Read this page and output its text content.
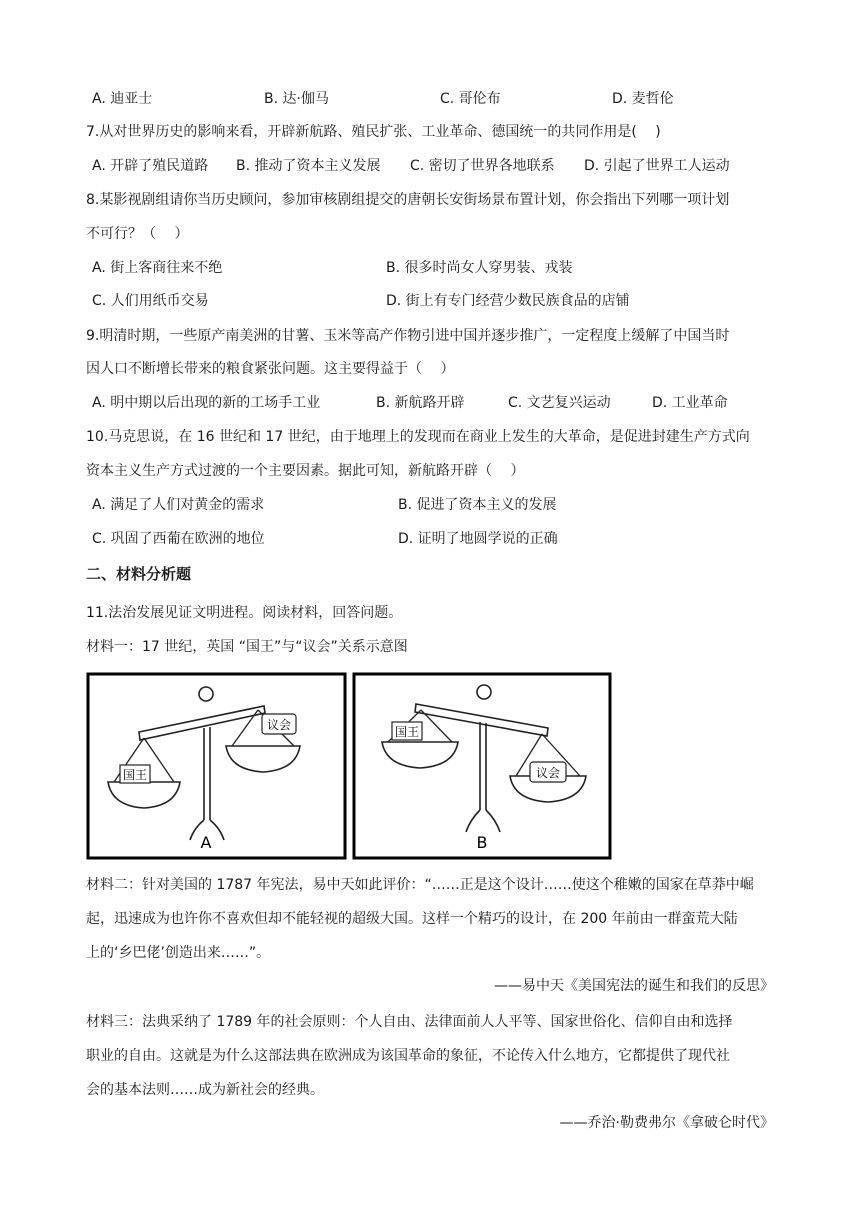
A. 迪亚士	B. 达·伽马	C. 哥伦布	D. 麦哲伦
7.从对世界历史的影响来看，开辟新航路、殖民扩张、工业革命、德国统一的共同作用是(　 )
A. 开辟了殖民道路 B. 推动了资本主义发展 C. 密切了世界各地联系 D. 引起了世界工人运动
8.某影视剧组请你当历史顾问，参加审核剧组提交的唐朝长安街场景布置计划，你会指出下列哪一项计划
不可行？（　 ）
A. 街上客商往来不绝	B. 很多时尚女人穿男装、戎装
C. 人们用纸币交易	D. 街上有专门经营少数民族食品的店铺
9.明清时期，一些原产南美洲的甘薯、玉米等高产作物引进中国并逐步推广，一定程度上缓解了中国当时
因人口不断增长带来的粮食紧张问题。这主要得益于（　 ）
A. 明中期以后出现的新的工场手工业	B. 新航路开辟	C. 文艺复兴运动	D. 工业革命
10.马克思说，在 16 世纪和 17 世纪，由于地理上的发现而在商业上发生的大革命，是促进封建生产方式向
资本主义生产方式过渡的一个主要因素。据此可知，新航路开辟（　 ）
A. 满足了人们对黄金的需求	B. 促进了资本主义的发展
C. 巩固了西葡在欧洲的地位	D. 证明了地圆学说的正确
二、材料分析题
11.法治发展见证文明进程。阅读材料，回答问题。
材料一：17 世纪，英国 “国王”与“议会”关系示意图
国王
议会
A
国王
议会
B
材料二：针对美国的 1787 年宪法，易中天如此评价：“……正是这个设计……使这个稚嫩的国家在草莽中崛
起，迅速成为也许你不喜欢但却不能轻视的超级大国。这样一个精巧的设计，在 200 年前由一群蛮荒大陆
上的‘乡巴佬’创造出来……”。
——易中天《美国宪法的诞生和我们的反思》
材料三：法典采纳了 1789 年的社会原则：个人自由、法律面前人人平等、国家世俗化、信仰自由和选择
职业的自由。这就是为什么这部法典在欧洲成为该国革命的象征，不论传入什么地方，它都提供了现代社
会的基本法则……成为新社会的经典。
——乔治·勒费弗尔《拿破仑时代》
